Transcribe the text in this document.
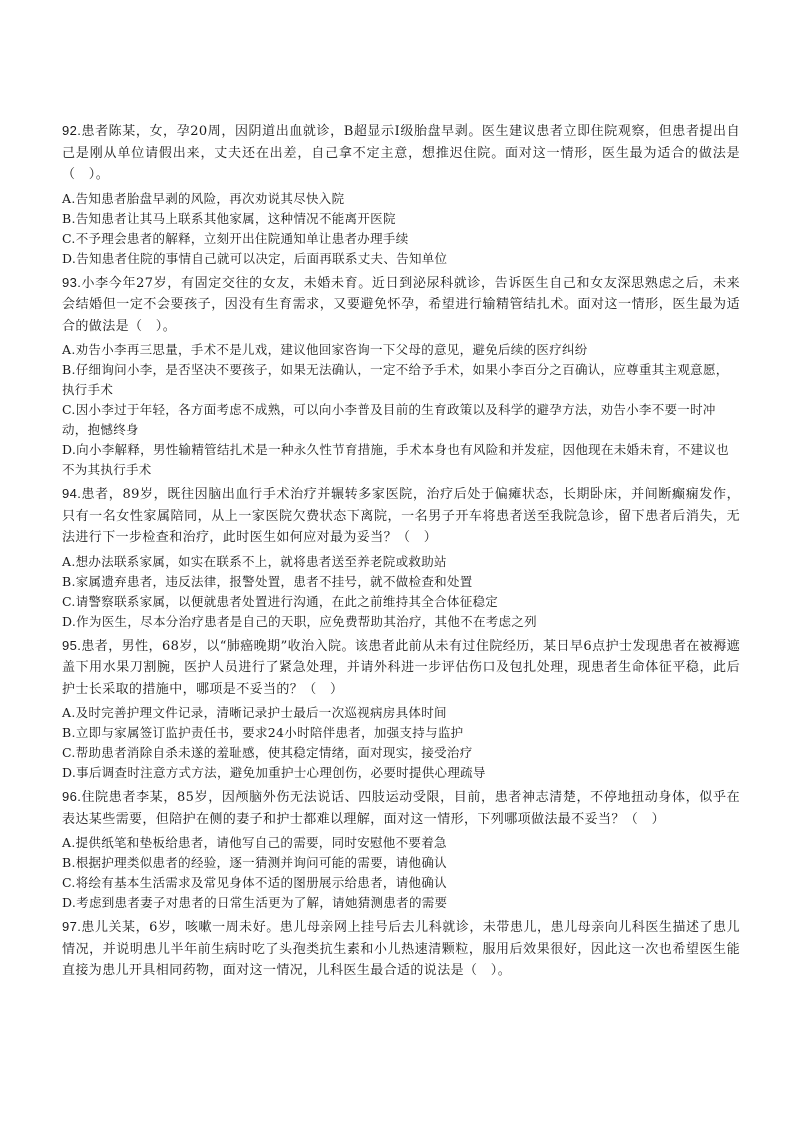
92.患者陈某，女，孕20周，因阴道出血就诊，B超显示Ⅰ级胎盘早剥。医生建议患者立即住院观察，但患者提出自己是刚从单位请假出来，丈夫还在出差，自己拿不定主意，想推迟住院。面对这一情形，医生最为适合的做法是（　）。

A.告知患者胎盘早剥的风险，再次劝说其尽快入院

B.告知患者让其马上联系其他家属，这种情况不能离开医院

C.不予理会患者的解释，立刻开出住院通知单让患者办理手续

D.告知患者住院的事情自己就可以决定，后面再联系丈夫、告知单位

93.小李今年27岁，有固定交往的女友，未婚未育。近日到泌尿科就诊，告诉医生自己和女友深思熟虑之后，未来会结婚但一定不会要孩子，因没有生育需求，又要避免怀孕，希望进行输精管结扎术。面对这一情形，医生最为适合的做法是（　）。

A.劝告小李再三思量，手术不是儿戏，建议他回家咨询一下父母的意见，避免后续的医疗纠纷

B.仔细询问小李，是否坚决不要孩子，如果无法确认，一定不给予手术，如果小李百分之百确认，应尊重其主观意愿，执行手术

C.因小李过于年轻，各方面考虑不成熟，可以向小李普及目前的生育政策以及科学的避孕方法，劝告小李不要一时冲动，抱憾终身

D.向小李解释，男性输精管结扎术是一种永久性节育措施，手术本身也有风险和并发症，因他现在未婚未育，不建议也不为其执行手术

94.患者，89岁，既往因脑出血行手术治疗并辗转多家医院，治疗后处于偏瘫状态，长期卧床，并间断癫痫发作，只有一名女性家属陪同，从上一家医院欠费状态下离院，一名男子开车将患者送至我院急诊，留下患者后消失，无法进行下一步检查和治疗，此时医生如何应对最为妥当？（　）

A.想办法联系家属，如实在联系不上，就将患者送至养老院或救助站

B.家属遗弃患者，违反法律，报警处置，患者不挂号，就不做检查和处置

C.请警察联系家属，以便就患者处置进行沟通，在此之前维持其全合体征稳定

D.作为医生，尽本分治疗患者是自己的天职，应免费帮助其治疗，其他不在考虑之列

95.患者，男性，68岁，以“肺癌晚期”收治入院。该患者此前从未有过住院经历，某日早6点护士发现患者在被褥遮盖下用水果刀割腕，医护人员进行了紧急处理，并请外科进一步评估伤口及包扎处理，现患者生命体征平稳，此后护士长采取的措施中，哪项是不妥当的？（　）

A.及时完善护理文件记录，清晰记录护士最后一次巡视病房具体时间

B.立即与家属签订监护责任书，要求24小时陪伴患者，加强支持与监护

C.帮助患者消除自杀未遂的羞耻感，使其稳定情绪，面对现实，接受治疗

D.事后调查时注意方式方法，避免加重护士心理创伤，必要时提供心理疏导

96.住院患者李某，85岁，因颅脑外伤无法说话、四肢运动受限，目前，患者神志清楚，不停地扭动身体，似乎在表达某些需要，但陪护在侧的妻子和护士都难以理解，面对这一情形，下列哪项做法最不妥当？（　）

A.提供纸笔和垫板给患者，请他写自己的需要，同时安慰他不要着急

B.根据护理类似患者的经验，逐一猜测并询问可能的需要，请他确认

C.将绘有基本生活需求及常见身体不适的图册展示给患者，请他确认

D.考虑到患者妻子对患者的日常生活更为了解，请她猜测患者的需要

97.患儿关某，6岁，咳嗽一周未好。患儿母亲网上挂号后去儿科就诊，未带患儿，患儿母亲向儿科医生描述了患儿情况，并说明患儿半年前生病时吃了头孢类抗生素和小儿热速清颗粒，服用后效果很好，因此这一次也希望医生能直接为患儿开具相同药物，面对这一情况，儿科医生最合适的说法是（　）。
